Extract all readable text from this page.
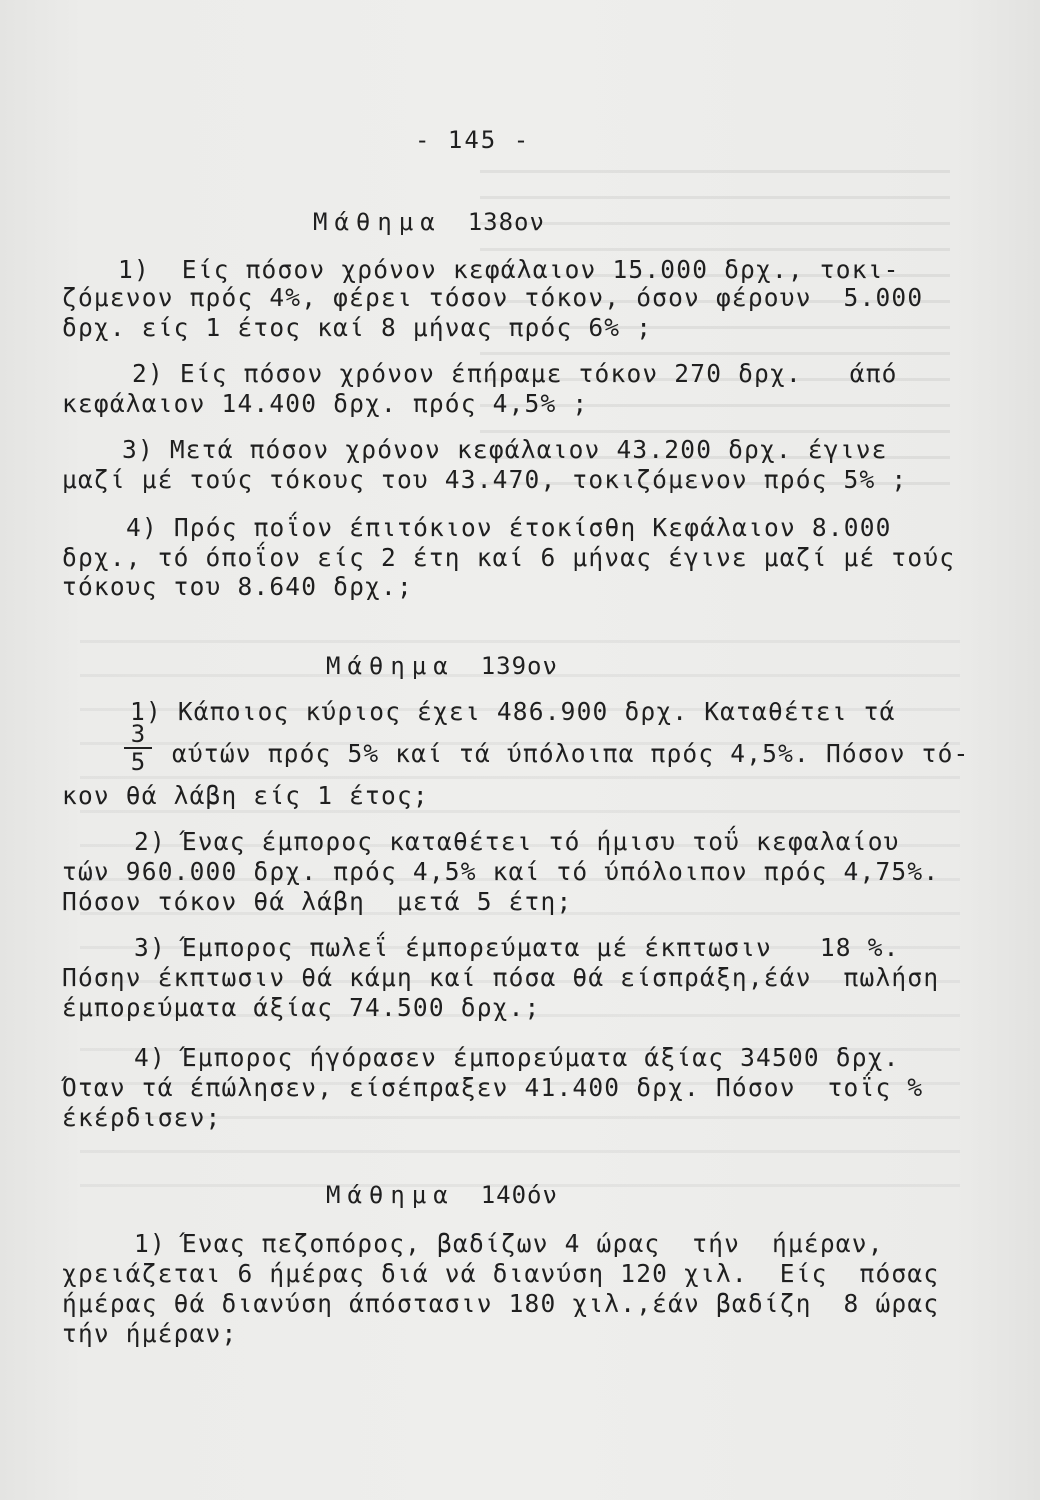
- 145 -
Μάθημα 138ον
1)  Είς πόσον χρόνον κεφάλαιον 15.000 δρχ., τοκι-
ζόμενον πρός 4%, φέρει τόσον τόκον, όσον φέρουν  5.000
δρχ. είς 1 έτος καί 8 μήνας πρός 6% ;
2) Είς πόσον χρόνον έπήραμε τόκον 270 δρχ.   άπό
κεφάλαιον 14.400 δρχ. πρός 4,5% ;
3) Μετά πόσον χρόνον κεφάλαιον 43.200 δρχ. έγινε
μαζί μέ τούς τόκους του 43.470, τοκιζόμενον πρός 5% ;
4) Πρός ποΐον έπιτόκιον έτοκίσθη Κεφάλαιον 8.000
δρχ., τό όποΐον είς 2 έτη καί 6 μήνας έγινε μαζί μέ τούς
τόκους του 8.640 δρχ.;
Μάθημα 139ον
1) Κάποιος κύριος έχει 486.900 δρχ. Καταθέτει τά
3
5 αύτών πρός 5% καί τά ύπόλοιπα πρός 4,5%. Πόσον τό-
κον θά λάβη είς 1 έτος;
2) Ένας έμπορος καταθέτει τό ήμισυ τοΰ κεφαλαίου
τών 960.000 δρχ. πρός 4,5% καί τό ύπόλοιπον πρός 4,75%.
Πόσον τόκον θά λάβη  μετά 5 έτη;
3) Έμπορος πωλεΐ έμπορεύματα μέ έκπτωσιν   18 %.
Πόσην έκπτωσιν θά κάμη καί πόσα θά είσπράξη,έάν  πωλήση
έμπορεύματα άξίας 74.500 δρχ.;
4) Έμπορος ήγόρασεν έμπορεύματα άξίας 34500 δρχ.
Όταν τά έπώλησεν, είσέπραξεν 41.400 δρχ. Πόσον  τοΐς %
έκέρδισεν;
Μάθημα 140όν
1) Ένας πεζοπόρος, βαδίζων 4 ώρας  τήν  ήμέραν,
χρειάζεται 6 ήμέρας διά νά διανύση 120 χιλ.  Είς  πόσας
ήμέρας θά διανύση άπόστασιν 180 χιλ.,έάν βαδίζη  8 ώρας
τήν ήμέραν;
